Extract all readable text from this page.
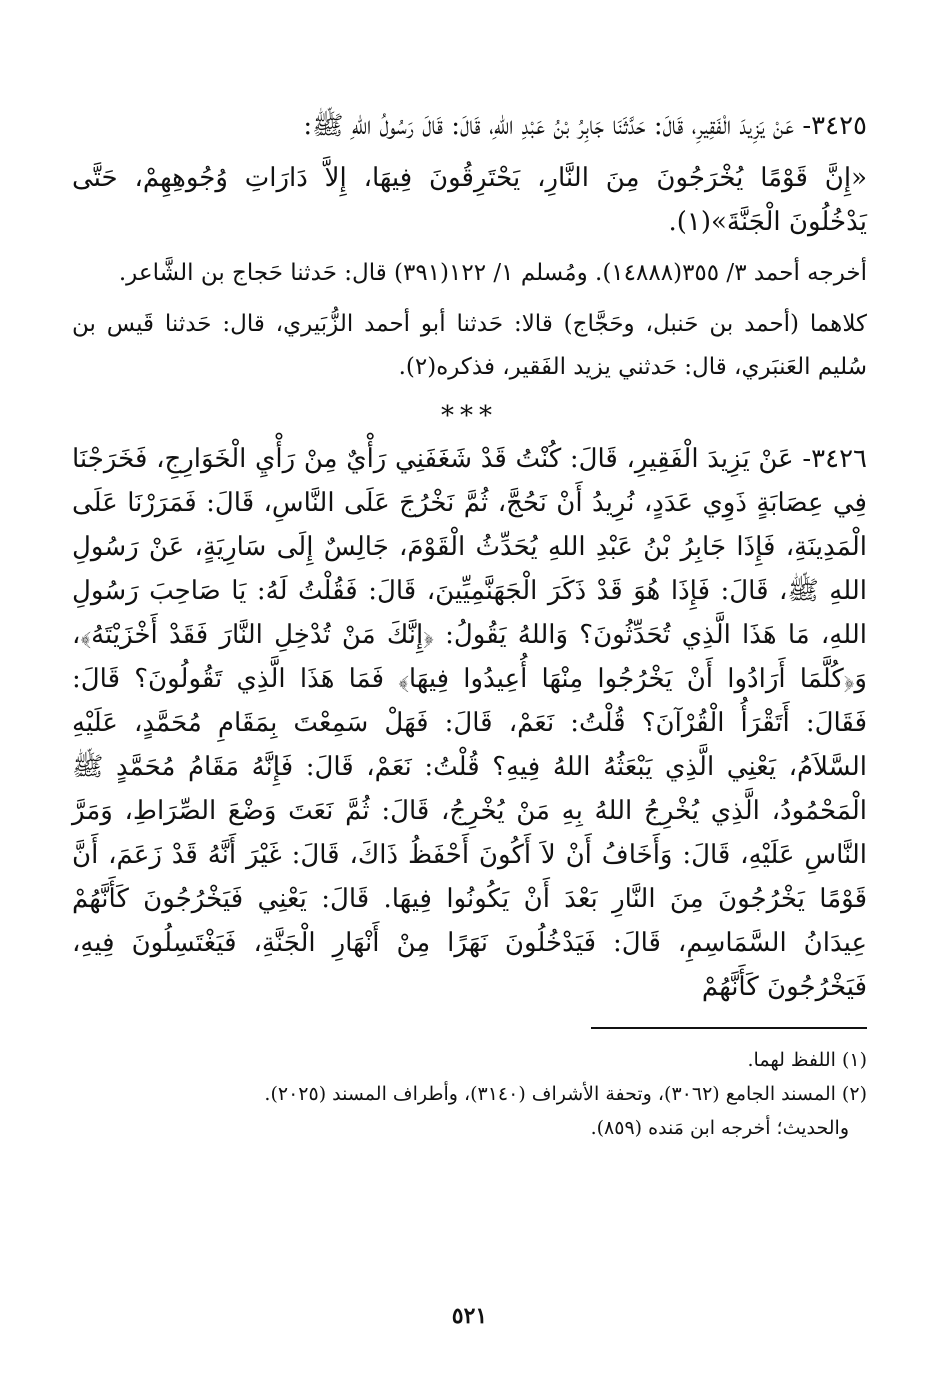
٣٤٢٥- عَنْ يَزِيدَ الْفَقِيرِ، قَالَ: حَدَّثَنَا جَابِرُ بْنُ عَبْدِ اللهِ، قَالَ: قَالَ رَسُولُ اللهِ ﷺ:

«إِنَّ قَوْمًا يُخْرَجُونَ مِنَ النَّارِ، يَحْتَرِقُونَ فِيهَا، إِلاَّ دَارَاتِ وُجُوهِهِمْ، حَتَّى يَدْخُلُونَ الْجَنَّةَ»(١).

أخرجه أحمد ٣/ ٣٥٥(١٤٨٨٨). ومُسلم ١/ ١٢٢(٣٩١) قال: حَدثنا حَجاج بن الشَّاعر.

كلاهما (أحمد بن حَنبل، وحَجَّاج) قالا: حَدثنا أبو أحمد الزُّبَيري، قال: حَدثنا قَيس بن سُليم العَنبَري، قال: حَدثني يزيد الفَقير، فذكره(٢).

***

٣٤٢٦- عَنْ يَزِيدَ الْفَقِيرِ، قَالَ: كُنْتُ قَدْ شَغَفَنِي رَأْيٌ مِنْ رَأْيِ الْخَوَارِجِ، فَخَرَجْنَا فِي عِصَابَةٍ ذَوِي عَدَدٍ، نُرِيدُ أَنْ نَحُجَّ، ثُمَّ نَخْرُجَ عَلَى النَّاسِ، قَالَ: فَمَرَرْنَا عَلَى الْمَدِينَةِ، فَإِذَا جَابِرُ بْنُ عَبْدِ اللهِ يُحَدِّثُ الْقَوْمَ، جَالِسٌ إِلَى سَارِيَةٍ، عَنْ رَسُولِ اللهِ ﷺ، قَالَ: فَإِذَا هُوَ قَدْ ذَكَرَ الْجَهَنَّمِيِّينَ، قَالَ: فَقُلْتُ لَهُ: يَا صَاحِبَ رَسُولِ اللهِ، مَا هَذَا الَّذِي تُحَدِّثُونَ؟ وَاللهُ يَقُولُ: ﴿إِنَّكَ مَنْ تُدْخِلِ النَّارَ فَقَدْ أَخْزَيْتَهُ﴾، وَ﴿كُلَّمَا أَرَادُوا أَنْ يَخْرُجُوا مِنْهَا أُعِيدُوا فِيهَا﴾ فَمَا هَذَا الَّذِي تَقُولُونَ؟ قَالَ: فَقَالَ: أَتَقْرَأُ الْقُرْآنَ؟ قُلْتُ: نَعَمْ، قَالَ: فَهَلْ سَمِعْتَ بِمَقَامِ مُحَمَّدٍ، عَلَيْهِ السَّلاَمُ، يَعْنِي الَّذِي يَبْعَثُهُ اللهُ فِيهِ؟ قُلْتُ: نَعَمْ، قَالَ: فَإِنَّهُ مَقَامُ مُحَمَّدٍ ﷺ الْمَحْمُودُ، الَّذِي يُخْرِجُ اللهُ بِهِ مَنْ يُخْرِجُ، قَالَ: ثُمَّ نَعَتَ وَضْعَ الصِّرَاطِ، وَمَرَّ النَّاسِ عَلَيْهِ، قَالَ: وَأَخَافُ أَنْ لاَ أَكُونَ أَحْفَظُ ذَاكَ، قَالَ: غَيْرَ أَنَّهُ قَدْ زَعَمَ، أَنَّ قَوْمًا يَخْرُجُونَ مِنَ النَّارِ بَعْدَ أَنْ يَكُونُوا فِيهَا. قَالَ: يَعْنِي فَيَخْرُجُونَ كَأَنَّهُمْ عِيدَانُ السَّمَاسِمِ، قَالَ: فَيَدْخُلُونَ نَهَرًا مِنْ أَنْهَارِ الْجَنَّةِ، فَيَغْتَسِلُونَ فِيهِ، فَيَخْرُجُونَ كَأَنَّهُمْ

(١) اللفظ لهما.
(٢) المسند الجامع (٣٠٦٢)، وتحفة الأشراف (٣١٤٠)، وأطراف المسند (٢٠٢٥).
والحديث؛ أخرجه ابن مَنده (٨٥٩).
٥٢١
